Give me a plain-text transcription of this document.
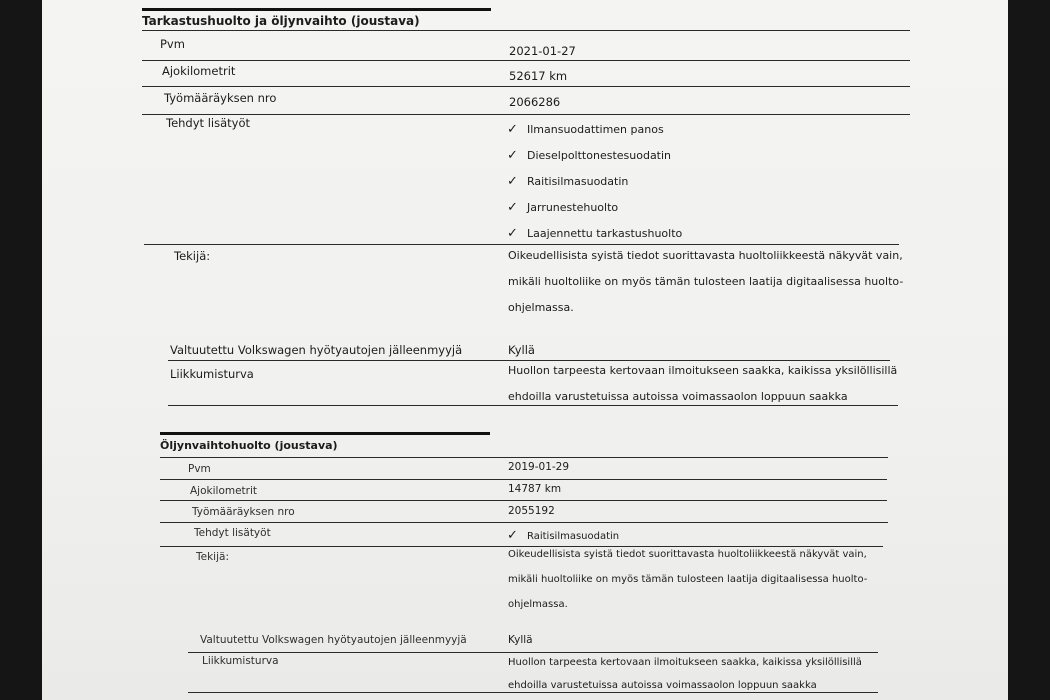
Tarkastushuolto ja öljynvaihto (joustava)
Pvm	2021-01-27
Ajokilometrit	52617 km
Työmääräyksen nro	2066286
Tehdyt lisätyöt	✓ Ilmansuodattimen panos
✓ Dieselpolttonestesuodatin
✓ Raitisilmasuodatin
✓ Jarrunestehuolto
✓ Laajennettu tarkastushuolto
Tekijä:	Oikeudellisista syistä tiedot suorittavasta huoltoliikkeestä näkyvät vain,
mikäli huoltoliike on myös tämän tulosteen laatija digitaalisessa huolto-
ohjelmassa.
Valtuutettu Volkswagen hyötyautojen jälleenmyyjä	Kyllä
Liikkumisturva	Huollon tarpeesta kertovaan ilmoitukseen saakka, kaikissa yksilöllisillä
ehdoilla varustetuissa autoissa voimassaolon loppuun saakka
Öljynvaihtohuolto (joustava)
Pvm	2019-01-29
Ajokilometrit	14787 km
Työmääräyksen nro	2055192
Tehdyt lisätyöt	✓ Raitisilmasuodatin
Tekijä:	Oikeudellisista syistä tiedot suorittavasta huoltoliikkeestä näkyvät vain,
mikäli huoltoliike on myös tämän tulosteen laatija digitaalisessa huolto-
ohjelmassa.
Valtuutettu Volkswagen hyötyautojen jälleenmyyjä	Kyllä
Liikkumisturva	Huollon tarpeesta kertovaan ilmoitukseen saakka, kaikissa yksilöllisillä
ehdoilla varustetuissa autoissa voimassaolon loppuun saakka
